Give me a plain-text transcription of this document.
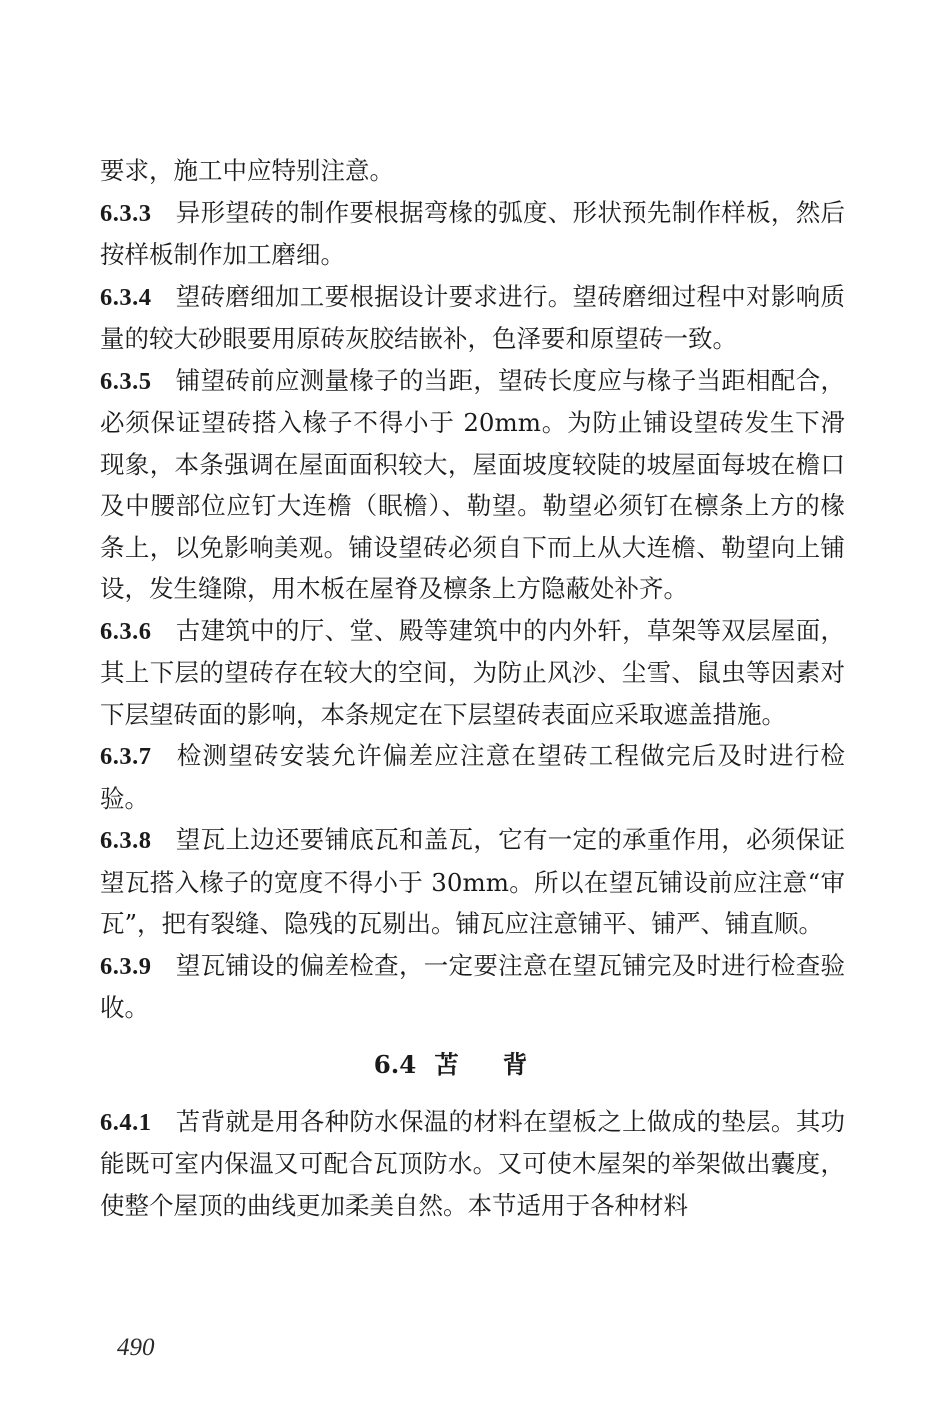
要求，施工中应特别注意。

6.3.3 异形望砖的制作要根据弯椽的弧度、形状预先制作样板，然后按样板制作加工磨细。

6.3.4 望砖磨细加工要根据设计要求进行。望砖磨细过程中对影响质量的较大砂眼要用原砖灰胶结嵌补，色泽要和原望砖一致。

6.3.5 铺望砖前应测量椽子的当距，望砖长度应与椽子当距相配合，必须保证望砖搭入椽子不得小于 20mm。为防止铺设望砖发生下滑现象，本条强调在屋面面积较大，屋面坡度较陡的坡屋面每坡在檐口及中腰部位应钉大连檐（眠檐）、勒望。勒望必须钉在檩条上方的椽条上，以免影响美观。铺设望砖必须自下而上从大连檐、勒望向上铺设，发生缝隙，用木板在屋脊及檩条上方隐蔽处补齐。

6.3.6 古建筑中的厅、堂、殿等建筑中的内外轩，草架等双层屋面，其上下层的望砖存在较大的空间，为防止风沙、尘雪、鼠虫等因素对下层望砖面的影响，本条规定在下层望砖表面应采取遮盖措施。

6.3.7 检测望砖安装允许偏差应注意在望砖工程做完后及时进行检验。

6.3.8 望瓦上边还要铺底瓦和盖瓦，它有一定的承重作用，必须保证望瓦搭入椽子的宽度不得小于 30mm。所以在望瓦铺设前应注意“审瓦”，把有裂缝、隐残的瓦剔出。铺瓦应注意铺平、铺严、铺直顺。

6.3.9 望瓦铺设的偏差检查，一定要注意在望瓦铺完及时进行检查验收。

6.4 苫背

6.4.1 苫背就是用各种防水保温的材料在望板之上做成的垫层。其功能既可室内保温又可配合瓦顶防水。又可使木屋架的举架做出囊度，使整个屋顶的曲线更加柔美自然。本节适用于各种材料

490
